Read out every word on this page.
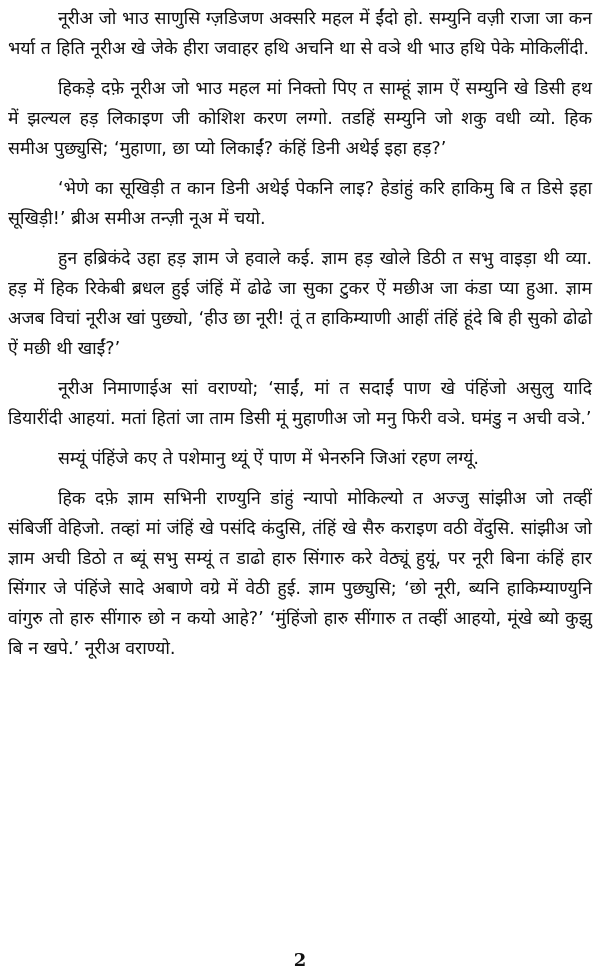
नूरीअ जो भाउ साणुसि ग्ज़डिजण अक्सरि महल में ईंदो हो. सम्युनि वज़ी राजा जा कन भर्या त हिति नूरीअ खे जेके हीरा जवाहर हथि अचनि था से वञे थी भाउ हथि पेके मोकिलींदी.

हिकड़े दफ़े नूरीअ जो भाउ महल मां निक्तो पिए त साम्हूं ज्ञाम ऐं सम्युनि खे डिसी हथ में झल्यल हड़ लिकाइण जी कोशिश करण लग्गो. तडहिं सम्युनि जो शकु वधी व्यो. हिक समीअ पुछ्युसि; ‘मुहाणा, छा प्यो लिकाईं? कंहिं डिनी अथेई इहा हड़?’

‘भेणे का सूखिड़ी त कान डिनी अथेई पेकनि लाइ? हेडांहुं करि हाकिमु बि त डिसे इहा सूखिड़ी!’ ब्रीअ समीअ तन्ज़ी नूअ में चयो.

हुन हब्रिकंदे उहा हड़ ज्ञाम जे हवाले कई. ज्ञाम हड़ खोले डिठी त सभु वाइड़ा थी व्या. हड़ में हिक रिकेबी ब्रधल हुई जंहिं में ढोढे जा सुका टुकर ऐं मछीअ जा कंडा प्या हुआ. ज्ञाम अजब विचां नूरीअ खां पुछ्यो, ‘हीउ छा नूरी! तूं त हाकिम्याणी आहीं तंहिं हूंदे बि ही सुको ढोढो ऐं मछी थी खाईं?’

नूरीअ निमाणाईअ सां वराण्यो; ‘साईं, मां त सदाईं पाण खे पंहिंजो असुलु यादि डियारींदी आहयां. मतां हितां जा ताम डिसी मूं मुहाणीअ जो मनु फिरी वञे. घमंडु न अची वञे.’

सम्यूं पंहिंजे कए ते पशेमानु थ्यूं ऐं पाण में भेनरुनि जिआं रहण लग्यूं.

हिक दफ़े ज्ञाम सभिनी राण्युनि डांहुं न्यापो मोकिल्यो त अज्जु सांझीअ जो तव्हीं संबिर्जी वेहिजो. तव्हां मां जंहिं खे पसंदि कंदुसि, तंहिं खे सैरु कराइण वठी वेंदुसि. सांझीअ जो ज्ञाम अची डिठो त ब्यूं सभु सम्यूं त डाढो हारु सिंगारु करे वेठ्यूं हुयूं, पर नूरी बिना कंहिं हार सिंगार जे पंहिंजे सादे अबाणे वग्रे में वेठी हुई. ज्ञाम पुछ्युसि; ‘छो नूरी, ब्यनि हाकिम्याण्युनि वांगुरु तो हारु सींगारु छो न कयो आहे?’ ‘मुंहिंजो हारु सींगारु त तव्हीं आहयो, मूंखे ब्यो कुझु बि न खपे.’ नूरीअ वराण्यो.

2
